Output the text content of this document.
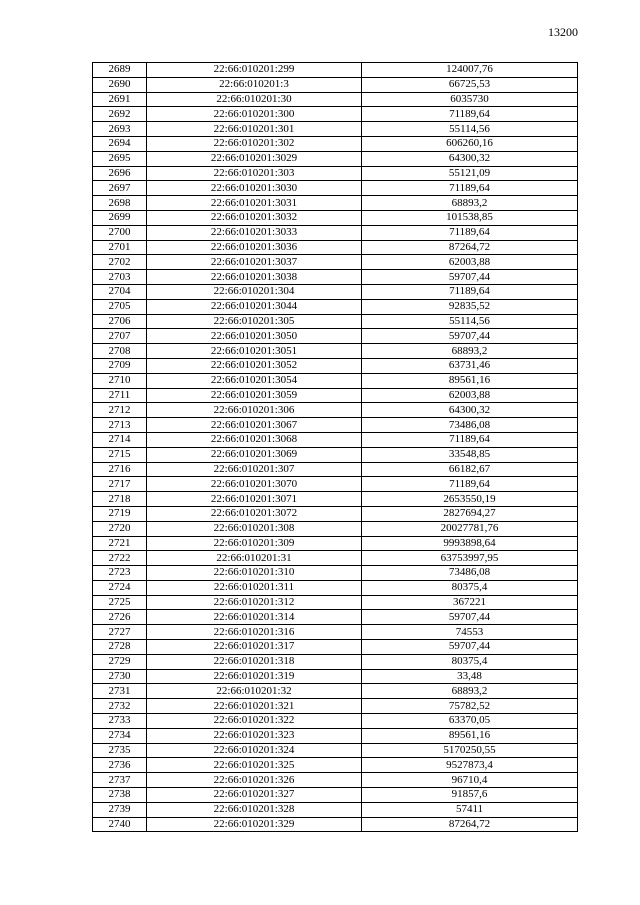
13200
2689	22:66:010201:299	124007,76
2690	22:66:010201:3	66725,53
2691	22:66:010201:30	6035730
2692	22:66:010201:300	71189,64
2693	22:66:010201:301	55114,56
2694	22:66:010201:302	606260,16
2695	22:66:010201:3029	64300,32
2696	22:66:010201:303	55121,09
2697	22:66:010201:3030	71189,64
2698	22:66:010201:3031	68893,2
2699	22:66:010201:3032	101538,85
2700	22:66:010201:3033	71189,64
2701	22:66:010201:3036	87264,72
2702	22:66:010201:3037	62003,88
2703	22:66:010201:3038	59707,44
2704	22:66:010201:304	71189,64
2705	22:66:010201:3044	92835,52
2706	22:66:010201:305	55114,56
2707	22:66:010201:3050	59707,44
2708	22:66:010201:3051	68893,2
2709	22:66:010201:3052	63731,46
2710	22:66:010201:3054	89561,16
2711	22:66:010201:3059	62003,88
2712	22:66:010201:306	64300,32
2713	22:66:010201:3067	73486,08
2714	22:66:010201:3068	71189,64
2715	22:66:010201:3069	33548,85
2716	22:66:010201:307	66182,67
2717	22:66:010201:3070	71189,64
2718	22:66:010201:3071	2653550,19
2719	22:66:010201:3072	2827694,27
2720	22:66:010201:308	20027781,76
2721	22:66:010201:309	9993898,64
2722	22:66:010201:31	63753997,95
2723	22:66:010201:310	73486,08
2724	22:66:010201:311	80375,4
2725	22:66:010201:312	367221
2726	22:66:010201:314	59707,44
2727	22:66:010201:316	74553
2728	22:66:010201:317	59707,44
2729	22:66:010201:318	80375,4
2730	22:66:010201:319	33,48
2731	22:66:010201:32	68893,2
2732	22:66:010201:321	75782,52
2733	22:66:010201:322	63370,05
2734	22:66:010201:323	89561,16
2735	22:66:010201:324	5170250,55
2736	22:66:010201:325	9527873,4
2737	22:66:010201:326	96710,4
2738	22:66:010201:327	91857,6
2739	22:66:010201:328	57411
2740	22:66:010201:329	87264,72
